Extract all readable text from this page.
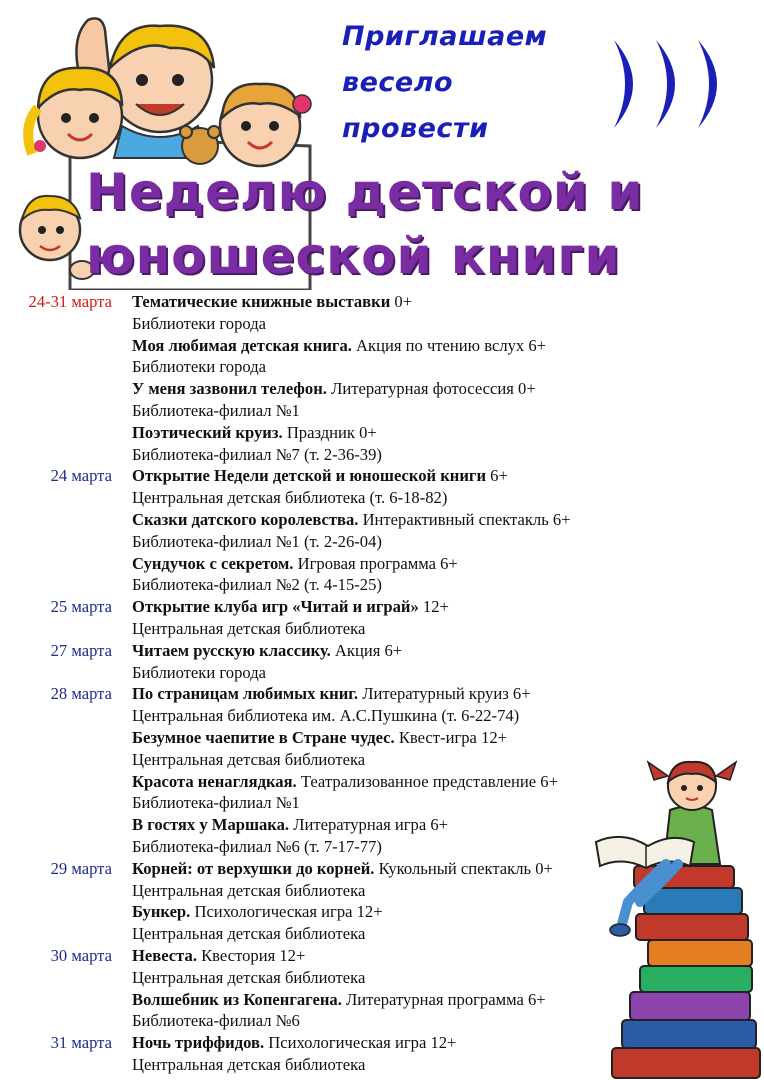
Приглашаем
весело
провести
Неделю детской и
юношеской книги
24-31 марта Тематические книжные выставки 0+
Библиотеки города
Моя любимая детская книга. Акция по чтению вслух 6+
Библиотеки города
У меня зазвонил телефон. Литературная фотосессия 0+
Библиотека-филиал №1
Поэтический круиз. Праздник 0+
Библиотека-филиал №7 (т. 2-36-39)
24 марта Открытие Недели детской и юношеской книги 6+
Центральная детская библиотека (т. 6-18-82)
Сказки датского королевства. Интерактивный спектакль 6+
Библиотека-филиал №1 (т. 2-26-04)
Сундучок с секретом. Игровая программа 6+
Библиотека-филиал №2 (т. 4-15-25)
25 марта Открытие клуба игр «Читай и играй» 12+
Центральная детская библиотека
27 марта Читаем русскую классику. Акция 6+
Библиотеки города
28 марта По страницам любимых книг. Литературный круиз 6+
Центральная библиотека им. А.С.Пушкина (т. 6-22-74)
Безумное чаепитие в Стране чудес. Квест-игра 12+
Центральная детсвая библиотека
Красота ненаглядкая. Театрализованное представление 6+
Библиотека-филиал №1
В гостях у Маршака. Литературная игра 6+
Библиотека-филиал №6 (т. 7-17-77)
29 марта Корней: от верхушки до корней. Кукольный спектакль 0+
Центральная детская библиотека
Бункер. Психологическая игра 12+
Центральная детская библиотека
30 марта Невеста. Квестория 12+
Центральная детская библиотека
Волшебник из Копенгагена. Литературная программа 6+
Библиотека-филиал №6
31 марта Ночь триффидов. Психологическая игра 12+
Центральная детская библиотека
